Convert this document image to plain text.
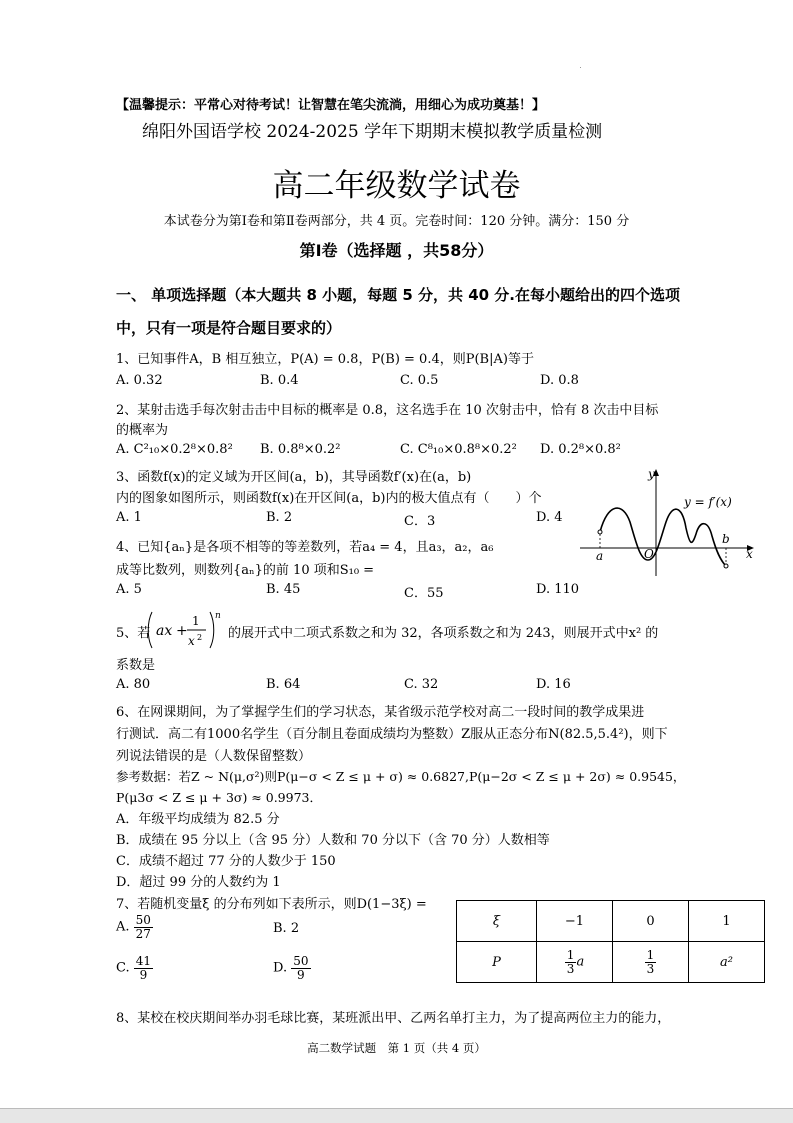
【温馨提示：平常心对待考试！让智慧在笔尖流淌，用细心为成功奠基！】
绵阳外国语学校 2024-2025 学年下期期末模拟教学质量检测
高二年级数学试卷
本试卷分为第Ⅰ卷和第Ⅱ卷两部分，共 4 页。完卷时间：120 分钟。满分：150 分
第Ⅰ卷（选择题 ，共58分）
一、 单项选择题（本大题共 8 小题，每题 5 分，共 40 分.在每小题给出的四个选项
中，只有一项是符合题目要求的）
1、已知事件A，B 相互独立，P(A) = 0.8，P(B) = 0.4，则P(B|A)等于
A. 0.32	B. 0.4	C. 0.5	D. 0.8
2、某射击选手每次射击击中目标的概率是 0.8，这名选手在 10 次射击中，恰有 8 次击中目标
的概率为
A. C²₁₀×0.2⁸×0.8² B. 0.8⁸×0.2²	C. C⁸₁₀×0.8⁸×0.2² D. 0.2⁸×0.8²
3、函数f(x)的定义域为开区间(a，b)，其导函数f′(x)在(a，b)
内的图象如图所示，则函数f(x)在开区间(a，b)内的极大值点有（　　）个
A. 1	B. 2	C．3	D. 4
y
x
O
a
b
y = f′(x)
4、已知{aₙ}是各项不相等的等差数列，若a₄ = 4，且a₃，a₂，a₆
成等比数列，则数列{aₙ}的前 10 项和S₁₀ =
A. 5	B. 45	C．55	D. 110
5、若 ax +
1
x 2
n
的展开式中二项式系数之和为 32，各项系数之和为 243，则展开式中x² 的
系数是
A. 80	B. 64	C. 32	D. 16
6、在网课期间，为了掌握学生们的学习状态，某省级示范学校对高二一段时间的教学成果进
行测试．高二有1000名学生（百分制且卷面成绩均为整数）Z服从正态分布N(82.5,5.4²)，则下
列说法错误的是（人数保留整数）
参考数据：若Z ~ N(μ,σ²)则P(μ−σ < Z ≤ μ + σ) ≈ 0.6827,P(μ−2σ < Z ≤ μ + 2σ) ≈ 0.9545，
P(μ3σ < Z ≤ μ + 3σ) ≈ 0.9973．
A．年级平均成绩为 82.5 分
B．成绩在 95 分以上（含 95 分）人数和 70 分以下（含 70 分）人数相等
C．成绩不超过 77 分的人数少于 150
D．超过 99 分的人数约为 1
7、若随机变量ξ 的分布列如下表所示，则D(1−3ξ) =
A. $\frac{50}{27}$	B. 2
C. $\frac{41}{9}$	D. $\frac{50}{9}$
ξ	−1	0	1
P	$\frac{1}{3}$ a	$\frac{1}{3}$	a²
8、某校在校庆期间举办羽毛球比赛，某班派出甲、乙两名单打主力，为了提高两位主力的能力，
高二数学试题　第 1 页（共 4 页）
